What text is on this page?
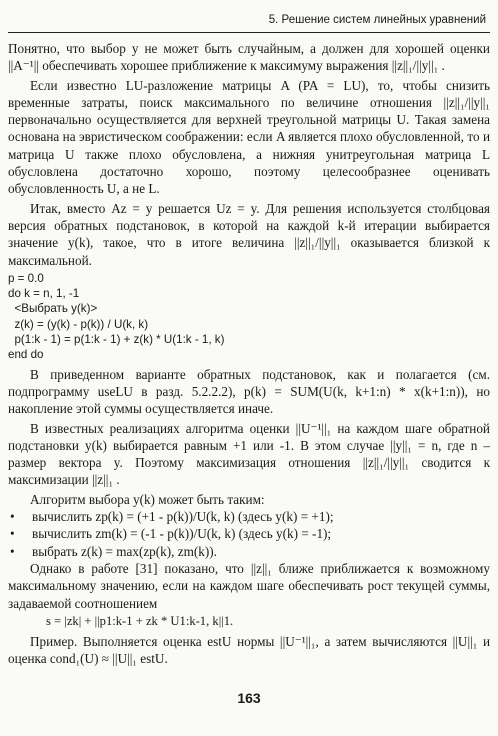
5. Решение систем линейных уравнений

Понятно, что выбор y не может быть случайным, а должен для хорошей оценки ||A⁻¹|| обеспечивать хорошее приближение к максимуму выражения ||z||₁/||y||₁ .

Если известно LU-разложение матрицы A (PA = LU), то, чтобы снизить временные затраты, поиск максимального по величине отношения ||z||₁/||y||₁ первоначально осуществляется для верхней треугольной матрицы U. Такая замена основана на эвристическом соображении: если A является плохо обусловленной, то и матрица U также плохо обусловлена, а нижняя унитреугольная матрица L обусловлена достаточно хорошо, поэтому целесообразнее оценивать обусловленность U, а не L.

Итак, вместо Az = y решается Uz = y. Для решения используется столбцовая версия обратных подстановок, в которой на каждой k-й итерации выбирается значение y(k), такое, что в итоге величина ||z||₁/||y||₁ оказывается близкой к максимальной.

p = 0.0
do k = n, 1, -1
<Выбрать y(k)>
z(k) = (y(k) - p(k)) / U(k, k)
p(1:k - 1) = p(1:k - 1) + z(k) * U(1:k - 1, k)
end do

В приведенном варианте обратных подстановок, как и полагается (см. подпрограмму useLU в разд. 5.2.2.2), p(k) = SUM(U(k, k+1:n) * x(k+1:n)), но накопление этой суммы осуществляется иначе.

В известных реализациях алгоритма оценки ||U⁻¹||₁ на каждом шаге обратной подстановки y(k) выбирается равным +1 или -1. В этом случае ||y||₁ = n, где n – размер вектора y. Поэтому максимизация отношения ||z||₁/||y||₁ сводится к максимизации ||z||₁ .

Алгоритм выбора y(k) может быть таким:

• вычислить zp(k) = (+1 - p(k))/U(k, k) (здесь y(k) = +1);
• вычислить zm(k) = (-1 - p(k))/U(k, k) (здесь y(k) = -1);
• выбрать z(k) = max(zp(k), zm(k)).

Однако в работе [31] показано, что ||z||₁ ближе приближается к возможному максимальному значению, если на каждом шаге обеспечивать рост текущей суммы, задаваемой соотношением

s = |zk| + ||p1:k-1 + zk * U1:k-1, k||1.

Пример. Выполняется оценка estU нормы ||U⁻¹||₁, а затем вычисляются ||U||₁ и оценка cond₁(U) ≈ ||U||₁ estU.

163
